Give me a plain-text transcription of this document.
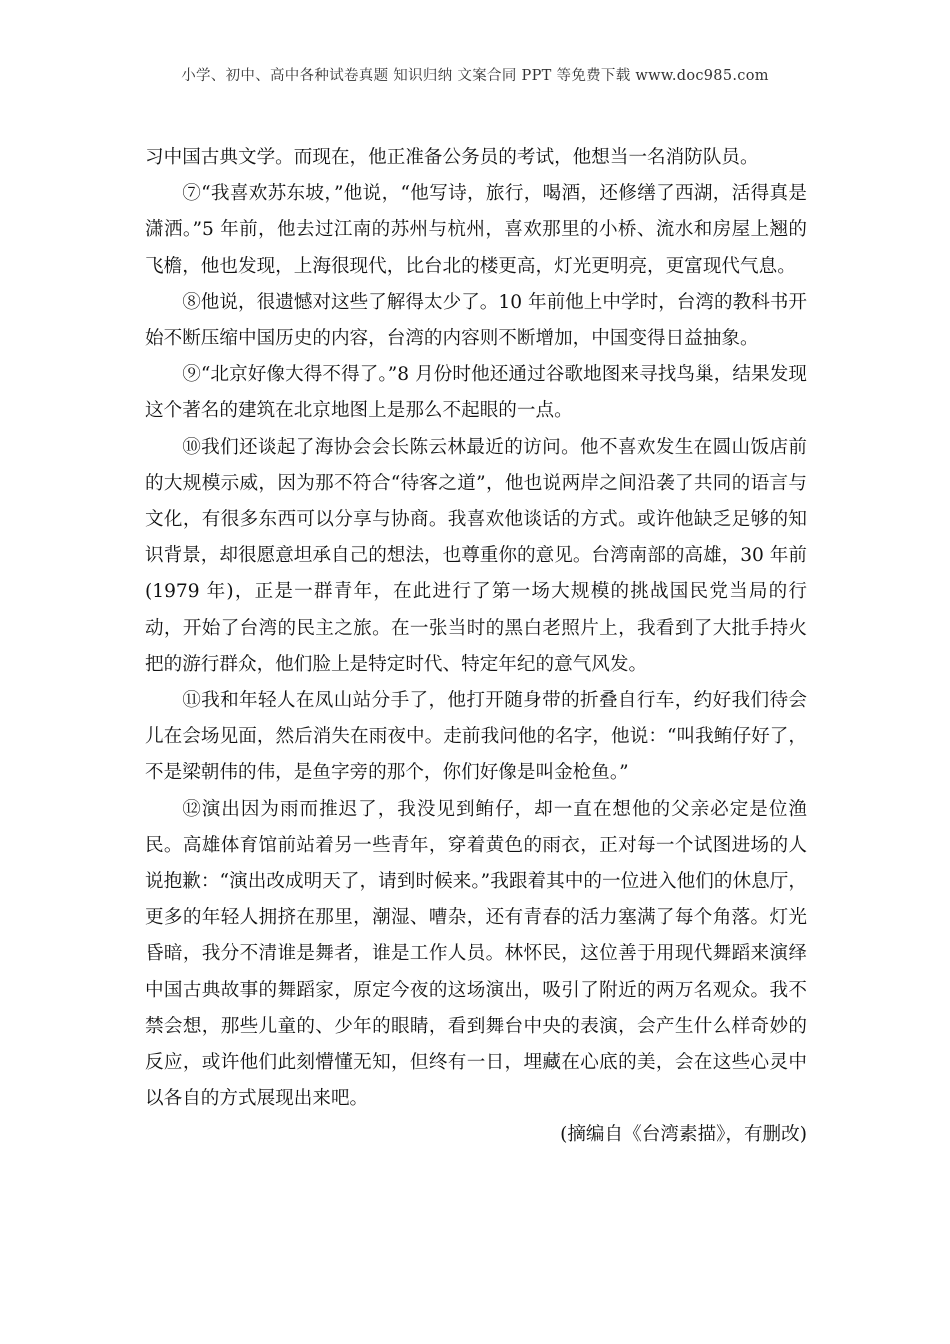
小学、初中、高中各种试卷真题 知识归纳 文案合同 PPT 等免费下载 www.doc985.com

习中国古典文学。而现在，他正准备公务员的考试，他想当一名消防队员。

⑦“我喜欢苏东坡，”他说，“他写诗，旅行，喝酒，还修缮了西湖，活得真是潇洒。”5 年前，他去过江南的苏州与杭州，喜欢那里的小桥、流水和房屋上翘的飞檐，他也发现，上海很现代，比台北的楼更高，灯光更明亮，更富现代气息。

⑧他说，很遗憾对这些了解得太少了。10 年前他上中学时，台湾的教科书开始不断压缩中国历史的内容，台湾的内容则不断增加，中国变得日益抽象。

⑨“北京好像大得不得了。”8 月份时他还通过谷歌地图来寻找鸟巢，结果发现这个著名的建筑在北京地图上是那么不起眼的一点。

⑩我们还谈起了海协会会长陈云林最近的访问。他不喜欢发生在圆山饭店前的大规模示威，因为那不符合“待客之道”，他也说两岸之间沿袭了共同的语言与文化，有很多东西可以分享与协商。我喜欢他谈话的方式。或许他缺乏足够的知识背景，却很愿意坦承自己的想法，也尊重你的意见。台湾南部的高雄，30 年前(1979 年)，正是一群青年，在此进行了第一场大规模的挑战国民党当局的行动，开始了台湾的民主之旅。在一张当时的黑白老照片上，我看到了大批手持火把的游行群众，他们脸上是特定时代、特定年纪的意气风发。

⑪我和年轻人在凤山站分手了，他打开随身带的折叠自行车，约好我们待会儿在会场见面，然后消失在雨夜中。走前我问他的名字，他说：“叫我鲔仔好了，不是梁朝伟的伟，是鱼字旁的那个，你们好像是叫金枪鱼。”

⑫演出因为雨而推迟了，我没见到鲔仔，却一直在想他的父亲必定是位渔民。高雄体育馆前站着另一些青年，穿着黄色的雨衣，正对每一个试图进场的人说抱歉：“演出改成明天了，请到时候来。”我跟着其中的一位进入他们的休息厅，更多的年轻人拥挤在那里，潮湿、嘈杂，还有青春的活力塞满了每个角落。灯光昏暗，我分不清谁是舞者，谁是工作人员。林怀民，这位善于用现代舞蹈来演绎中国古典故事的舞蹈家，原定今夜的这场演出，吸引了附近的两万名观众。我不禁会想，那些儿童的、少年的眼睛，看到舞台中央的表演，会产生什么样奇妙的反应，或许他们此刻懵懂无知，但终有一日，埋藏在心底的美，会在这些心灵中以各自的方式展现出来吧。

(摘编自《台湾素描》，有删改)
